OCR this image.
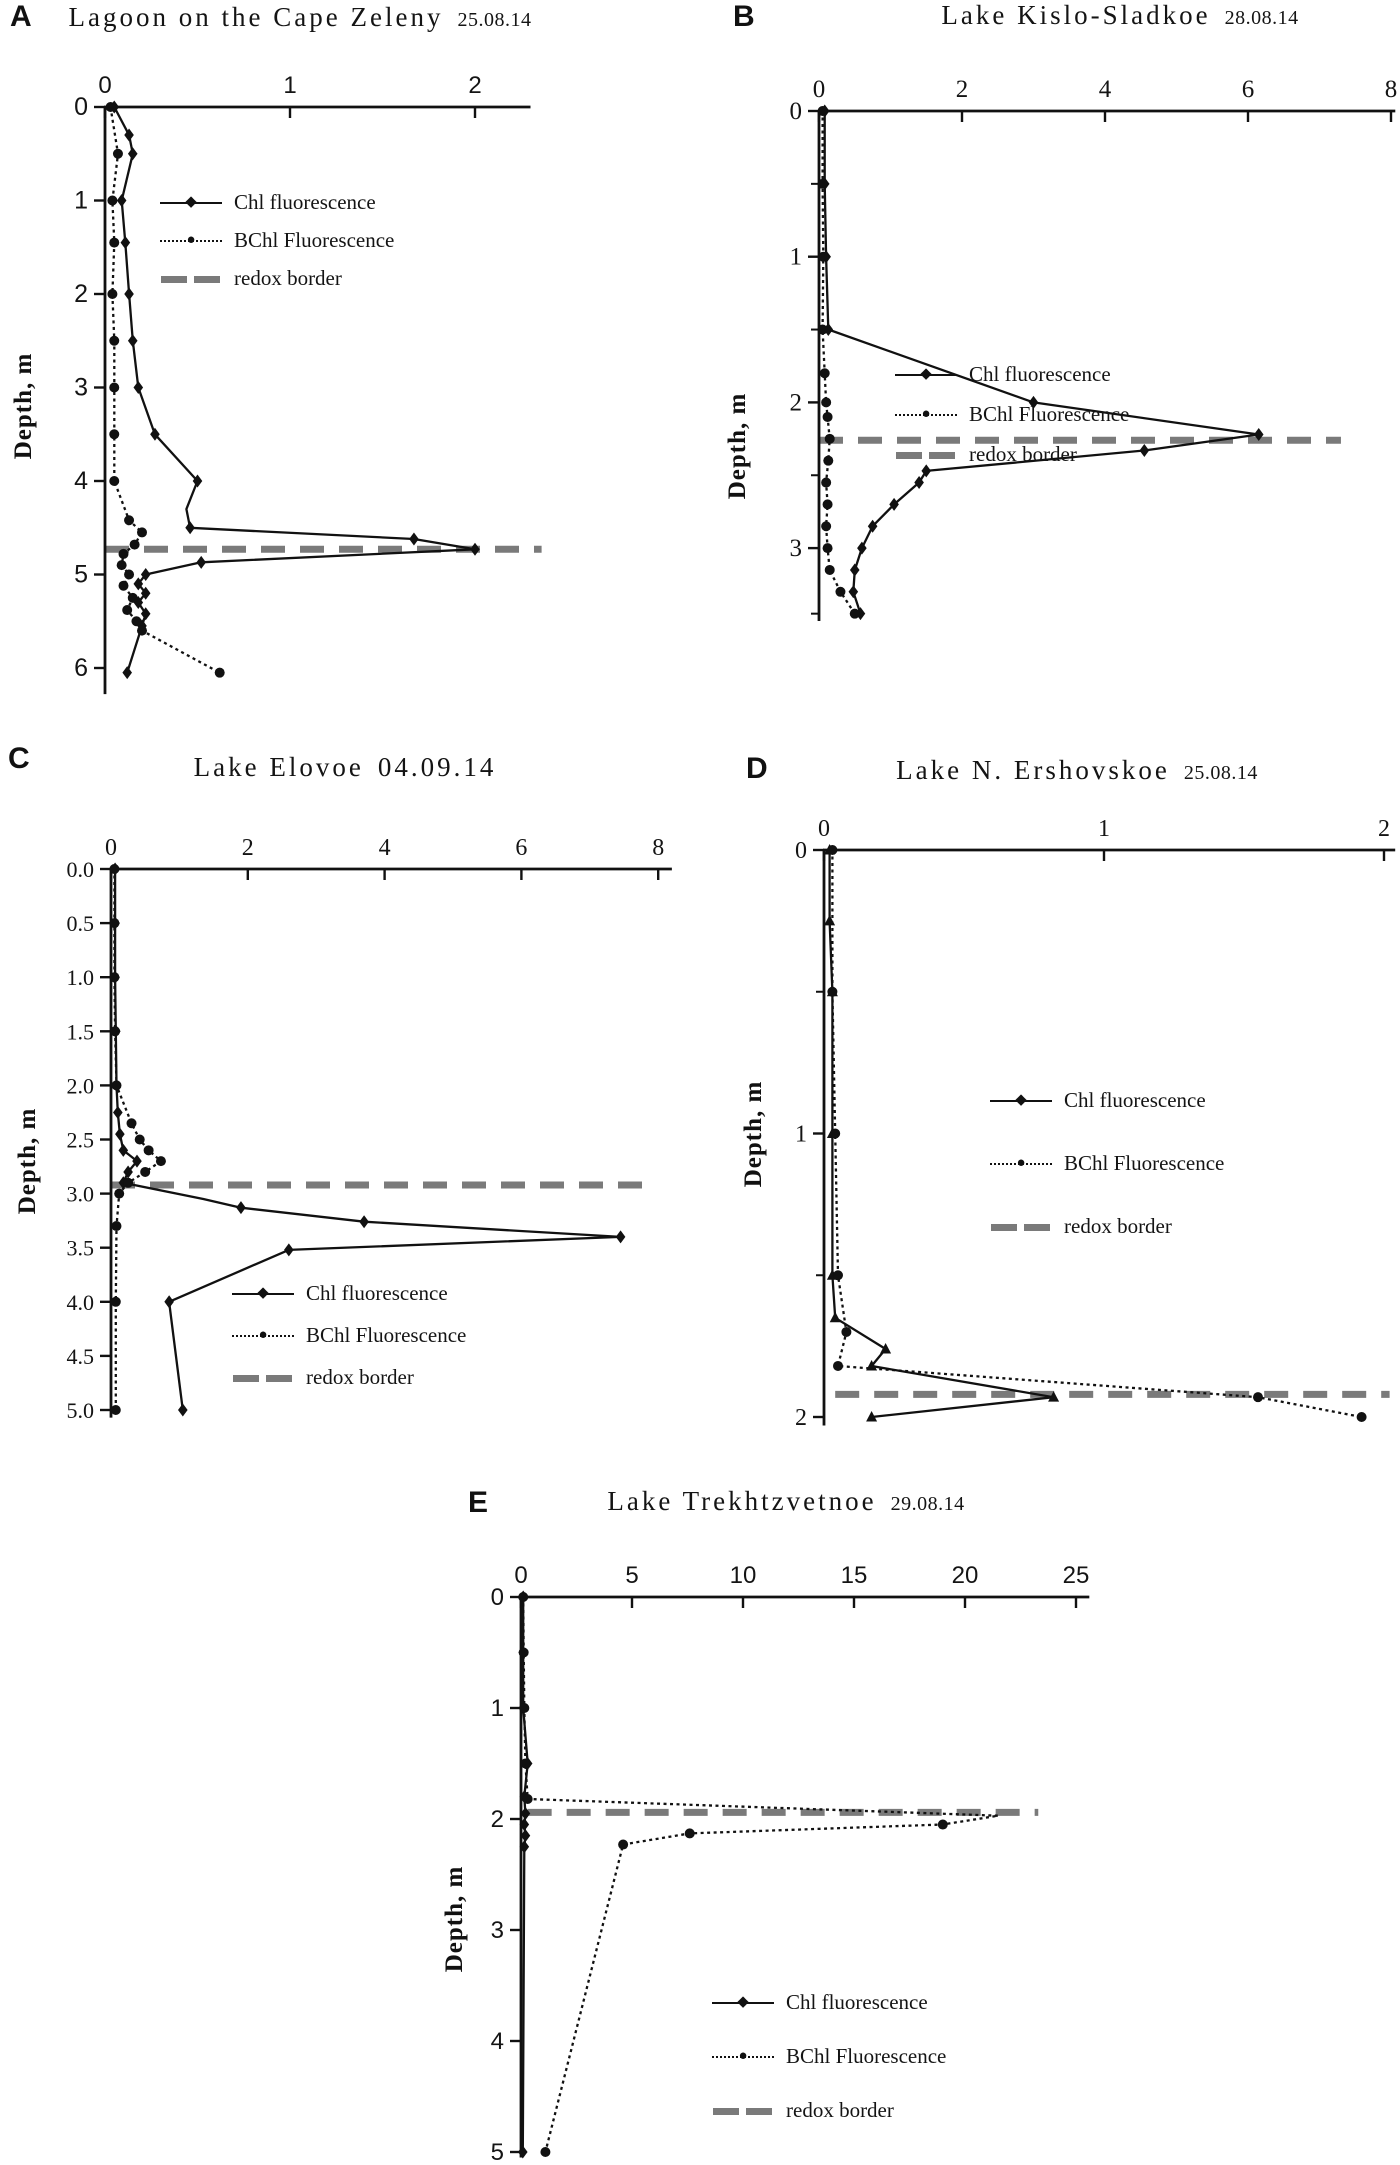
0	1	2
0
1
2
3
4
5
6
0	2	4	6	8
0
1
2
3
0	2	4	6	8
0.0
0.5
1.0
1.5
2.0
2.5
3.0
3.5
4.0
4.5
5.0
0	1	2
0
1
2
0	5	10	15	20	25
0
1
2
3
4
5
A	B
C	D
E
Lagoon on the Cape Zeleny 25.08.14	Lake Kislo-Sladkoe 28.08.14
Lake Elovoe 04.09.14	Lake N. Ershovskoe 25.08.14
Lake Trekhtzvetnoe 29.08.14
Depth, m	Depth, m
Depth, m	Depth, m
Depth, m
◆ Chl fluorescence
● BChl Fluorescence
redox border
◆ Chl fluorescence
● BChl Fluorescence
redox border
◆ Chl fluorescence
● BChl Fluorescence
redox border
◆ Chl fluorescence
● BChl Fluorescence
redox border
◆ Chl fluorescence
● BChl Fluorescence
redox border
